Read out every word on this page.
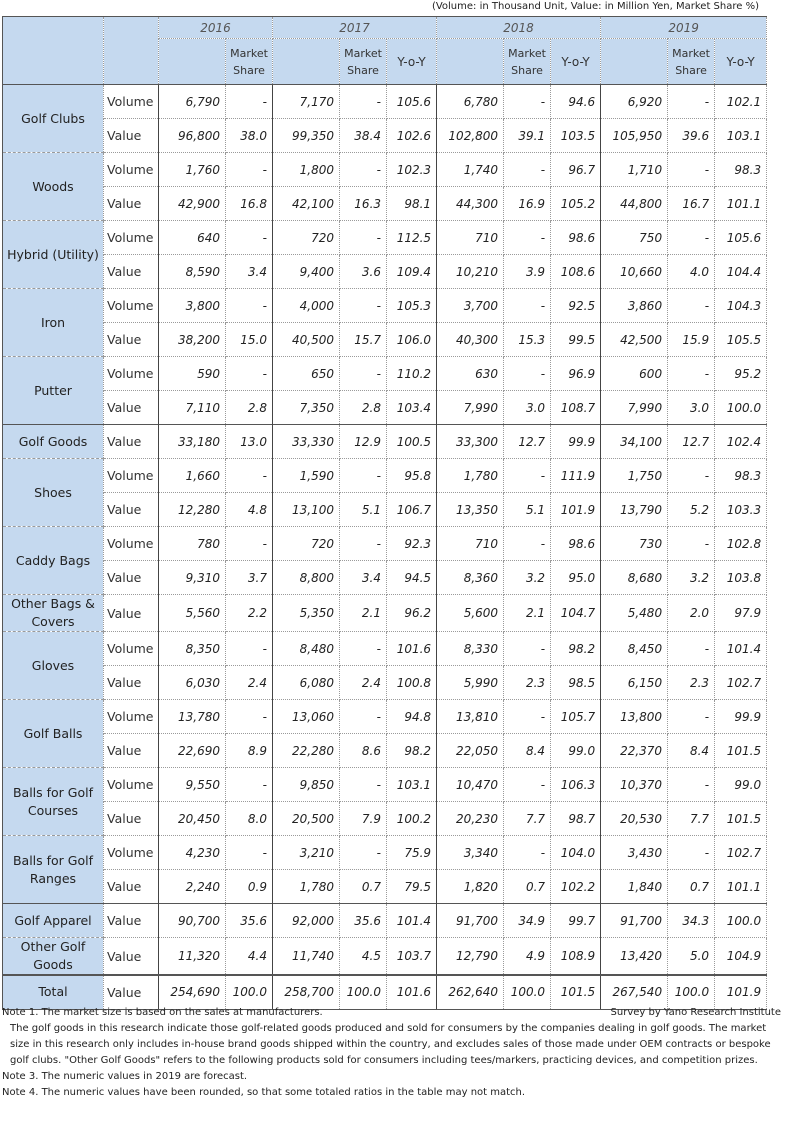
(Volume: in Thousand Unit, Value: in Million Yen, Market Share %)
		2016		2017			2018			2019		
			Market Share		Market Share	Y-o-Y		Market Share	Y-o-Y		Market Share	Y-o-Y
Golf Clubs	Volume	6,790	-	7,170	-	105.6	6,780	-	94.6	6,920	-	102.1
	Value	96,800	38.0	99,350	38.4	102.6	102,800	39.1	103.5	105,950	39.6	103.1
Woods	Volume	1,760	-	1,800	-	102.3	1,740	-	96.7	1,710	-	98.3
	Value	42,900	16.8	42,100	16.3	98.1	44,300	16.9	105.2	44,800	16.7	101.1
Hybrid (Utility)	Volume	640	-	720	-	112.5	710	-	98.6	750	-	105.6
	Value	8,590	3.4	9,400	3.6	109.4	10,210	3.9	108.6	10,660	4.0	104.4
Iron	Volume	3,800	-	4,000	-	105.3	3,700	-	92.5	3,860	-	104.3
	Value	38,200	15.0	40,500	15.7	106.0	40,300	15.3	99.5	42,500	15.9	105.5
Putter	Volume	590	-	650	-	110.2	630	-	96.9	600	-	95.2
	Value	7,110	2.8	7,350	2.8	103.4	7,990	3.0	108.7	7,990	3.0	100.0
Golf Goods	Value	33,180	13.0	33,330	12.9	100.5	33,300	12.7	99.9	34,100	12.7	102.4
Shoes	Volume	1,660	-	1,590	-	95.8	1,780	-	111.9	1,750	-	98.3
	Value	12,280	4.8	13,100	5.1	106.7	13,350	5.1	101.9	13,790	5.2	103.3
Caddy Bags	Volume	780	-	720	-	92.3	710	-	98.6	730	-	102.8
	Value	9,310	3.7	8,800	3.4	94.5	8,360	3.2	95.0	8,680	3.2	103.8
Other Bags & Covers	Value	5,560	2.2	5,350	2.1	96.2	5,600	2.1	104.7	5,480	2.0	97.9
Gloves	Volume	8,350	-	8,480	-	101.6	8,330	-	98.2	8,450	-	101.4
	Value	6,030	2.4	6,080	2.4	100.8	5,990	2.3	98.5	6,150	2.3	102.7
Golf Balls	Volume	13,780	-	13,060	-	94.8	13,810	-	105.7	13,800	-	99.9
	Value	22,690	8.9	22,280	8.6	98.2	22,050	8.4	99.0	22,370	8.4	101.5
Balls for Golf Courses	Volume	9,550	-	9,850	-	103.1	10,470	-	106.3	10,370	-	99.0
	Value	20,450	8.0	20,500	7.9	100.2	20,230	7.7	98.7	20,530	7.7	101.5
Balls for Golf Ranges	Volume	4,230	-	3,210	-	75.9	3,340	-	104.0	3,430	-	102.7
	Value	2,240	0.9	1,780	0.7	79.5	1,820	0.7	102.2	1,840	0.7	101.1
Golf Apparel	Value	90,700	35.6	92,000	35.6	101.4	91,700	34.9	99.7	91,700	34.3	100.0
Other Golf Goods	Value	11,320	4.4	11,740	4.5	103.7	12,790	4.9	108.9	13,420	5.0	104.9
Total	Value	254,690	100.0	258,700	100.0	101.6	262,640	100.0	101.5	267,540	100.0	101.9

Note 1. The market size is based on the sales at manufacturers.	Survey by Yano Research Institute

The golf goods in this research indicate those golf-related goods produced and sold for consumers by the companies dealing in golf goods. The market size in this research only includes in-house brand goods shipped within the country, and excludes sales of those made under OEM contracts or bespoke golf clubs. "Other Golf Goods" refers to the following products sold for consumers including tees/markers, practicing devices, and competition prizes.

Note 3. The numeric values in 2019 are forecast.

Note 4. The numeric values have been rounded, so that some totaled ratios in the table may not match.
